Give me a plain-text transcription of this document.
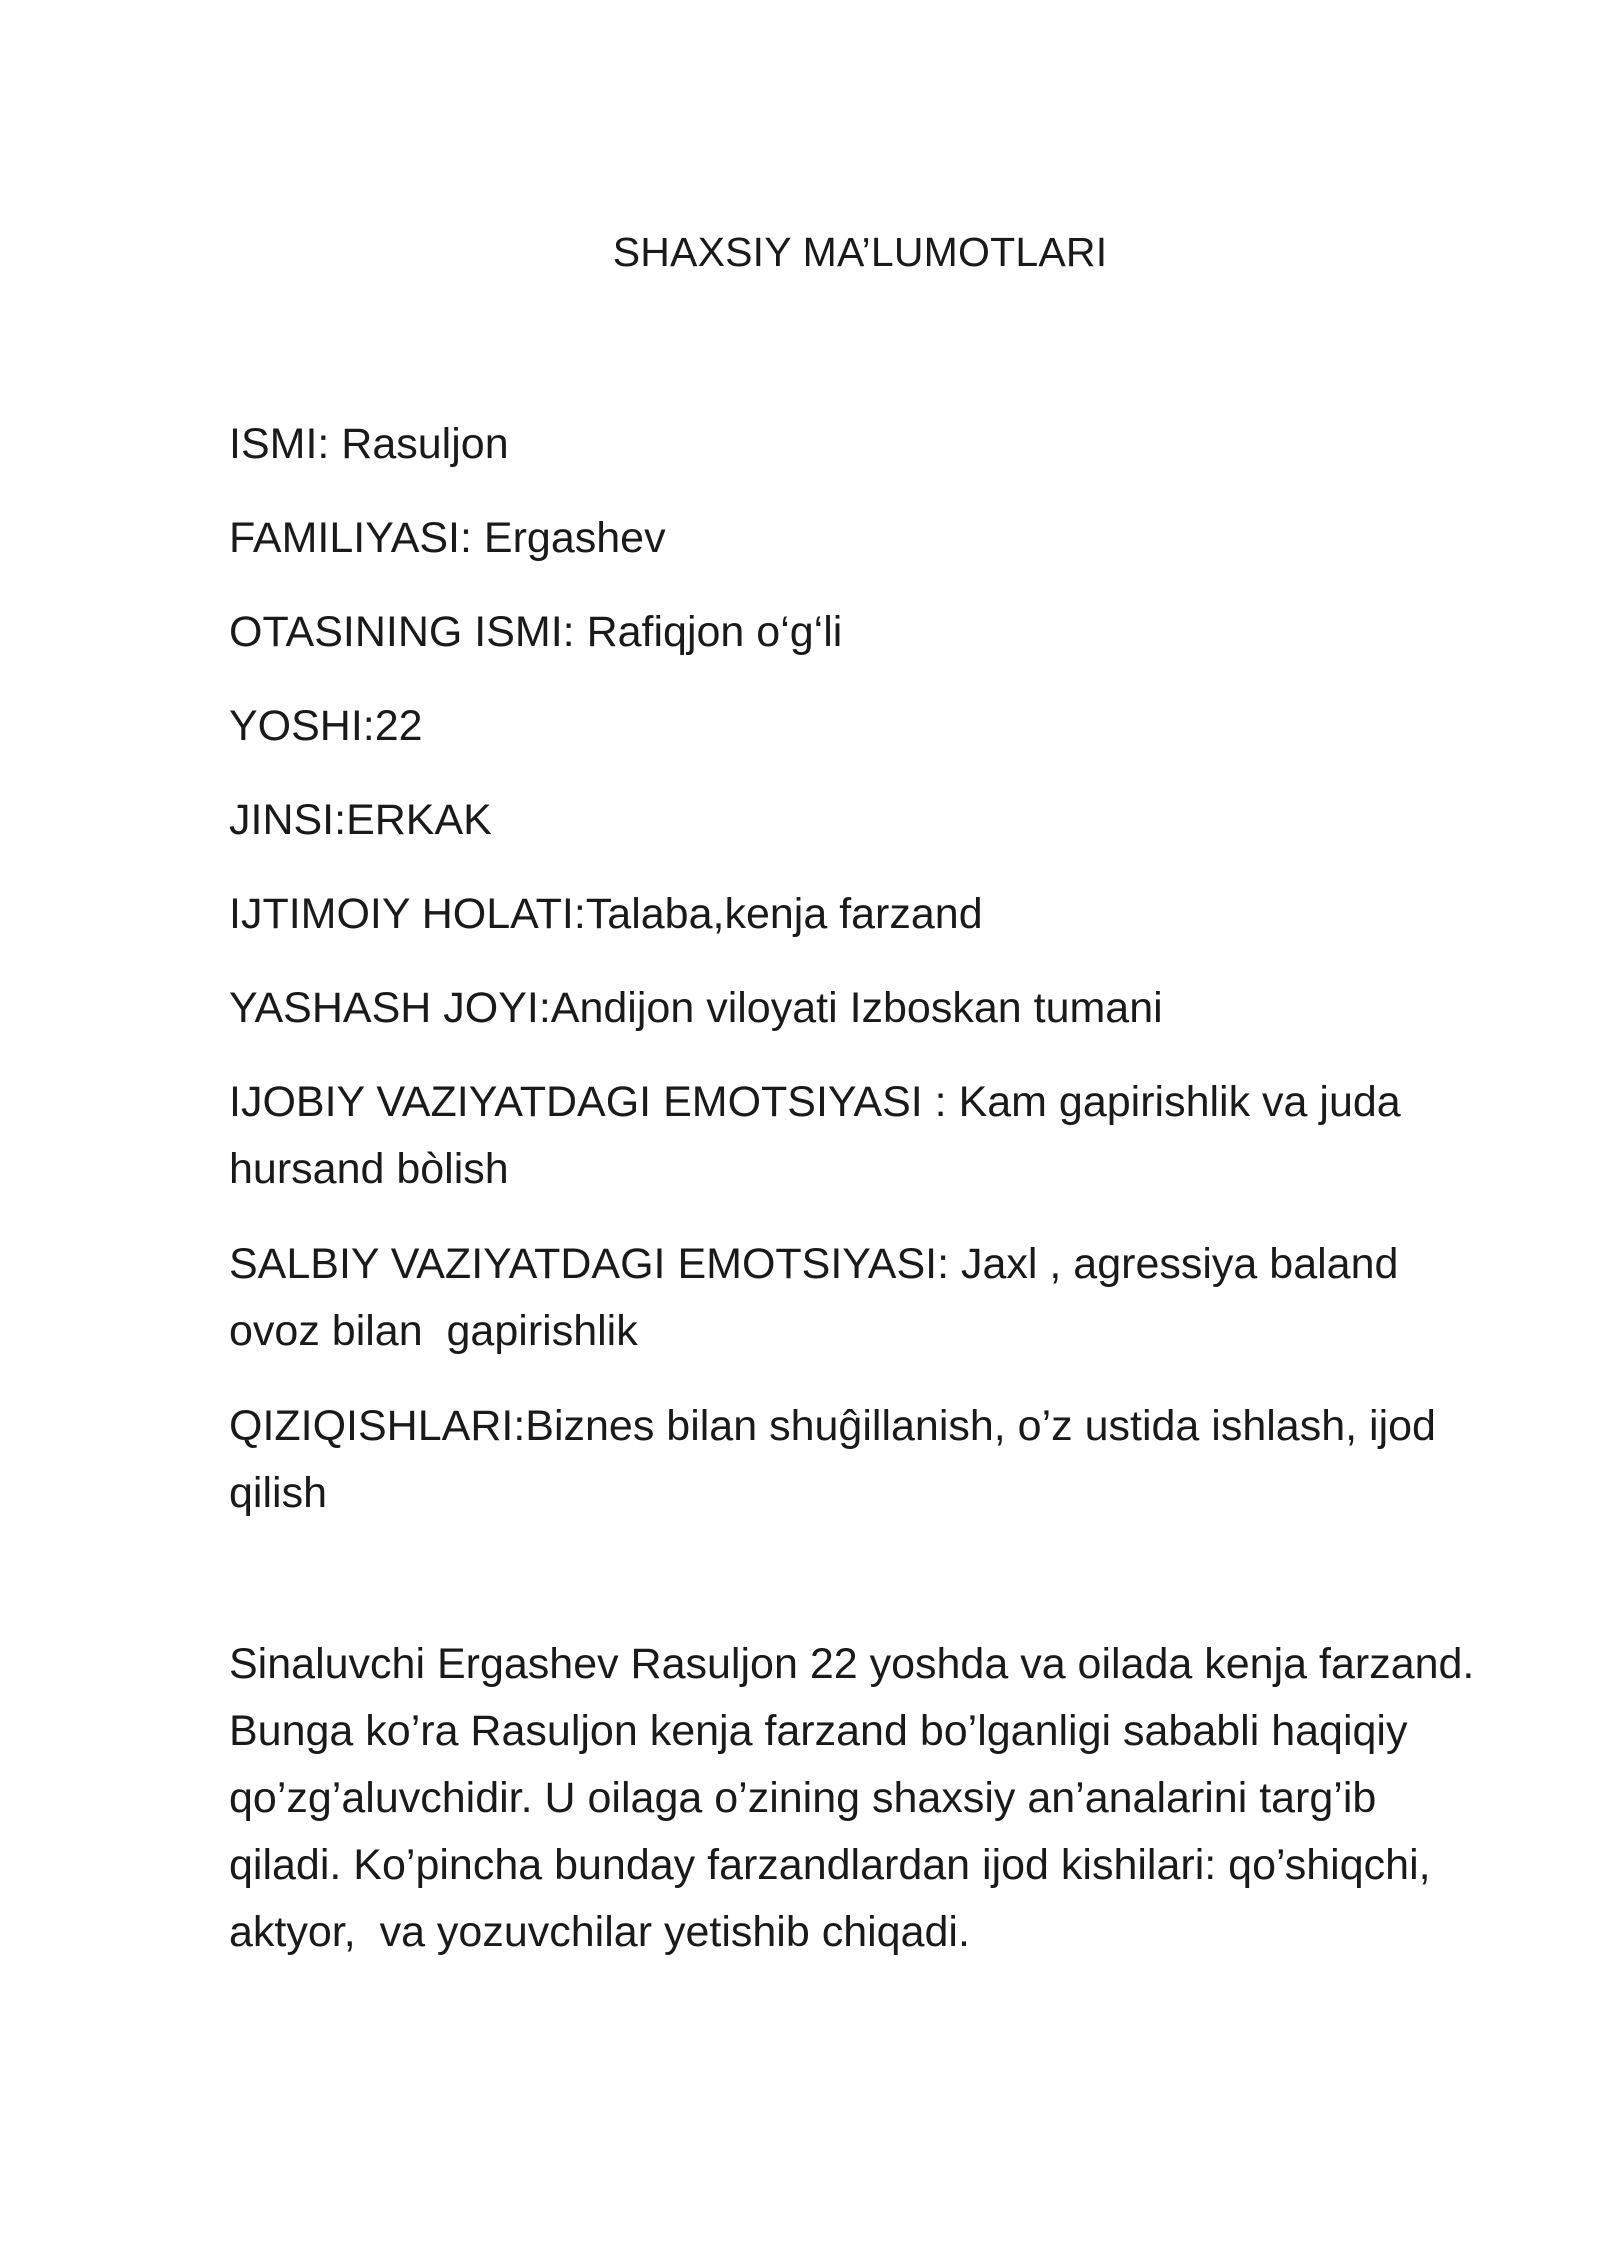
SHAXSIY MA’LUMOTLARI
ISMI: Rasuljon
FAMILIYASI: Ergashev
OTASINING ISMI: Rafiqjon o‘g‘li
YOSHI:22
JINSI:ERKAK
IJTIMOIY HOLATI:Talaba,kenja farzand
YASHASH JOYI:Andijon viloyati Izboskan tumani
IJOBIY VAZIYATDAGI EMOTSIYASI : Kam gapirishlik va juda hursand bòlish
SALBIY VAZIYATDAGI EMOTSIYASI: Jaxl , agressiya baland ovoz bilan  gapirishlik
QIZIQISHLARI:Biznes bilan shuĝillanish, o’z ustida ishlash, ijod qilish
Sinaluvchi Ergashev Rasuljon 22 yoshda va oilada kenja farzand. Bunga ko’ra Rasuljon kenja farzand bo’lganligi sababli haqiqiy qo’zg’aluvchidir. U oilaga o’zining shaxsiy an’analarini targ’ib qiladi. Ko’pincha bunday farzandlardan ijod kishilari: qo’shiqchi, aktyor,  va yozuvchilar yetishib chiqadi.
